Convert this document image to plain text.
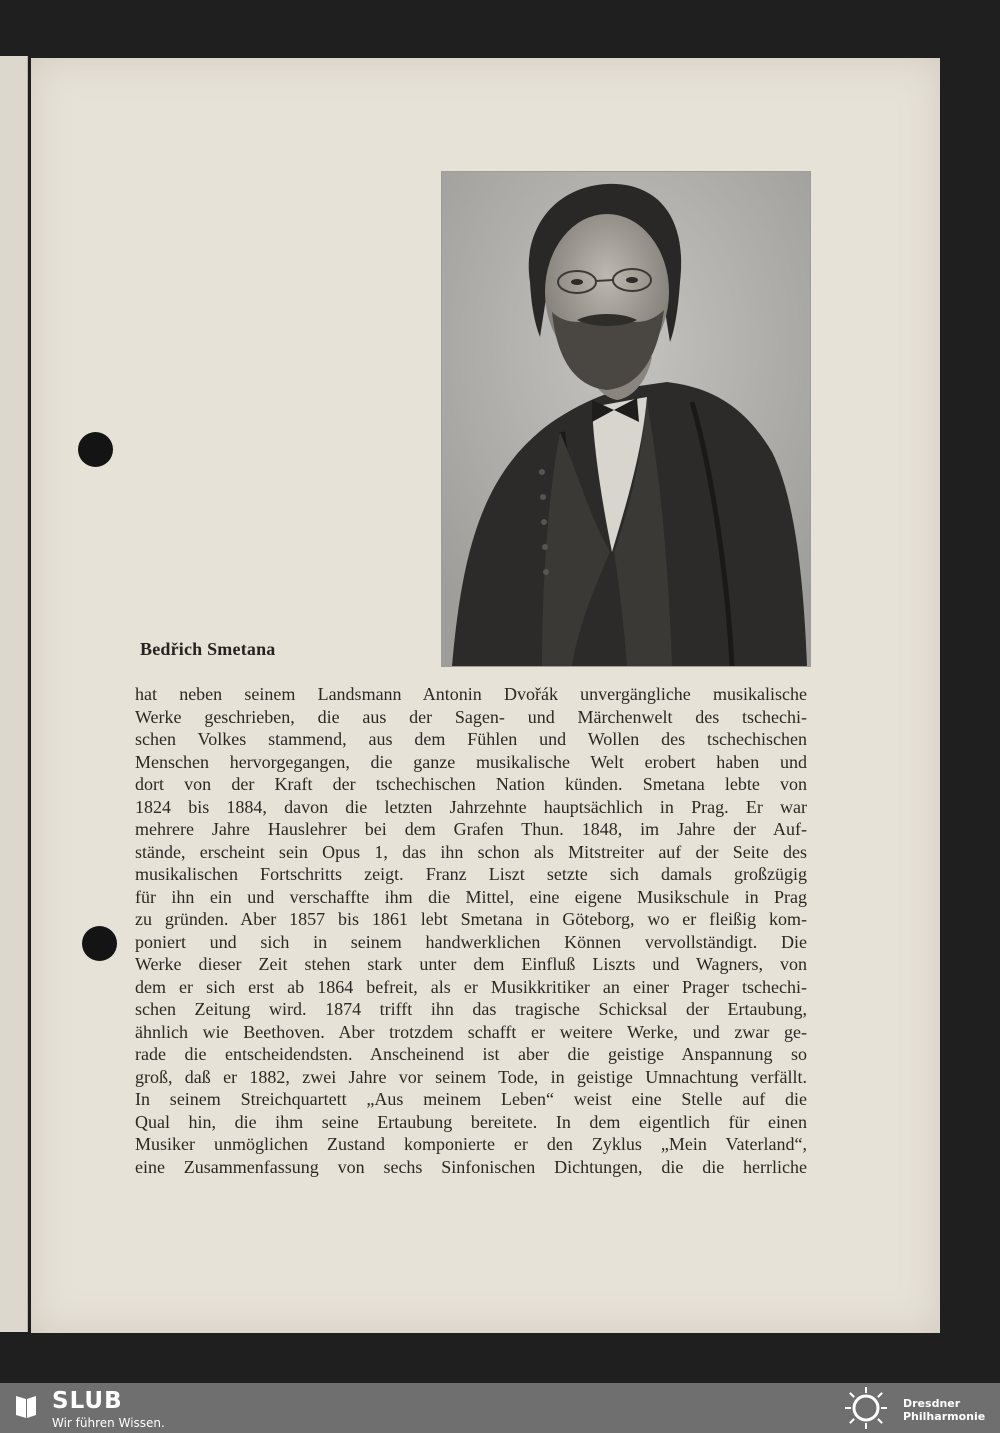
Bedřich Smetana
hat neben seinem Landsmann Antonin Dvořák unvergängliche musikalische
Werke geschrieben, die aus der Sagen- und Märchenwelt des tschechi-
schen Volkes stammend, aus dem Fühlen und Wollen des tschechischen
Menschen hervorgegangen, die ganze musikalische Welt erobert haben und
dort von der Kraft der tschechischen Nation künden. Smetana lebte von
1824 bis 1884, davon die letzten Jahrzehnte hauptsächlich in Prag. Er war
mehrere Jahre Hauslehrer bei dem Grafen Thun. 1848, im Jahre der Auf-
stände, erscheint sein Opus 1, das ihn schon als Mitstreiter auf der Seite des
musikalischen Fortschritts zeigt. Franz Liszt setzte sich damals großzügig
für ihn ein und verschaffte ihm die Mittel, eine eigene Musikschule in Prag
zu gründen. Aber 1857 bis 1861 lebt Smetana in Göteborg, wo er fleißig kom-
poniert und sich in seinem handwerklichen Können vervollständigt. Die
Werke dieser Zeit stehen stark unter dem Einfluß Liszts und Wagners, von
dem er sich erst ab 1864 befreit, als er Musikkritiker an einer Prager tschechi-
schen Zeitung wird. 1874 trifft ihn das tragische Schicksal der Ertaubung,
ähnlich wie Beethoven. Aber trotzdem schafft er weitere Werke, und zwar ge-
rade die entscheidendsten. Anscheinend ist aber die geistige Anspannung so
groß, daß er 1882, zwei Jahre vor seinem Tode, in geistige Umnachtung verfällt.
In seinem Streichquartett „Aus meinem Leben“ weist eine Stelle auf die
Qual hin, die ihm seine Ertaubung bereitete. In dem eigentlich für einen
Musiker unmöglichen Zustand komponierte er den Zyklus „Mein Vaterland“,
eine Zusammenfassung von sechs Sinfonischen Dichtungen, die die herrliche
SLUB
Wir führen Wissen.
Dresdner
Philharmonie
